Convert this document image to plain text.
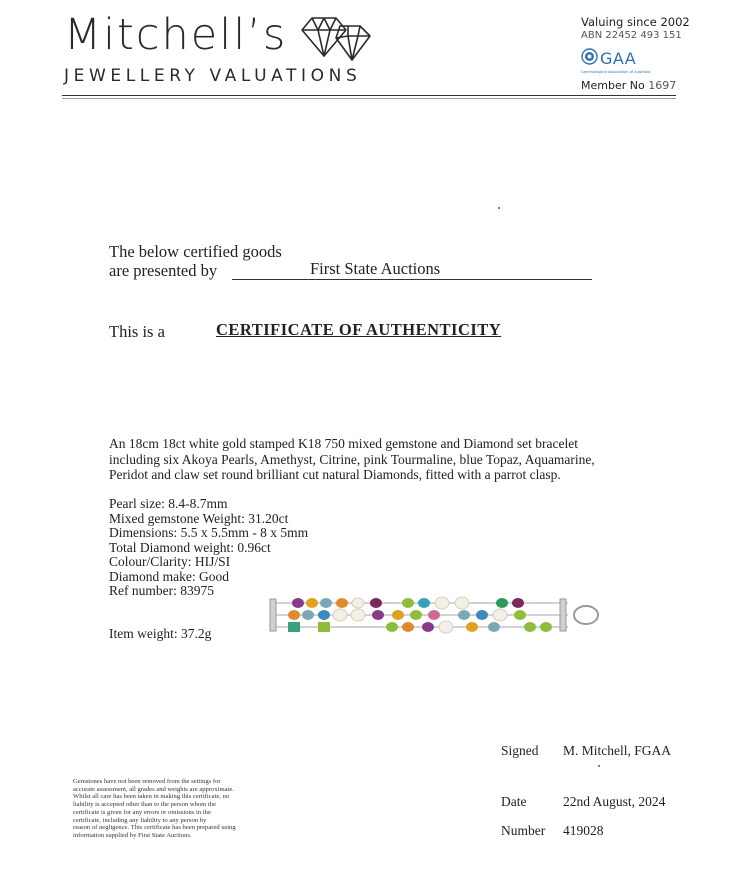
Mitchell’s
JEWELLERY VALUATIONS
Valuing since 2002
ABN 22452 493 151
GAA
Gemmological Association of Australia
Member No 1697
The below certified goods
are presented by	First State Auctions
This is a	CERTIFICATE OF AUTHENTICITY

An 18cm 18ct white gold stamped K18 750 mixed gemstone and Diamond set bracelet including six Akoya Pearls, Amethyst, Citrine, pink Tourmaline, blue Topaz, Aquamarine, Peridot and claw set round brilliant cut natural Diamonds, fitted with a parrot clasp.

Pearl size: 8.4-8.7mm
Mixed gemstone Weight: 31.20ct
Dimensions: 5.5 x 5.5mm - 8 x 5mm
Total Diamond weight: 0.96ct
Colour/Clarity: HIJ/SI
Diamond make: Good
Ref number: 83975
Item weight: 37.2g
Signed M. Mitchell, FGAA
Date	22nd August, 2024
Number 419028
Gemstones have not been removed from the settings for
accurate assessment, all grades and weights are approximate.
Whilst all care has been taken in making this certificate, no
liability is accepted other than to the person whom the
certificate is given for any errors or omissions in the
certificate, including any liability to any person by
reason of negligence. This certificate has been prepared using
information supplied by First State Auctions.
